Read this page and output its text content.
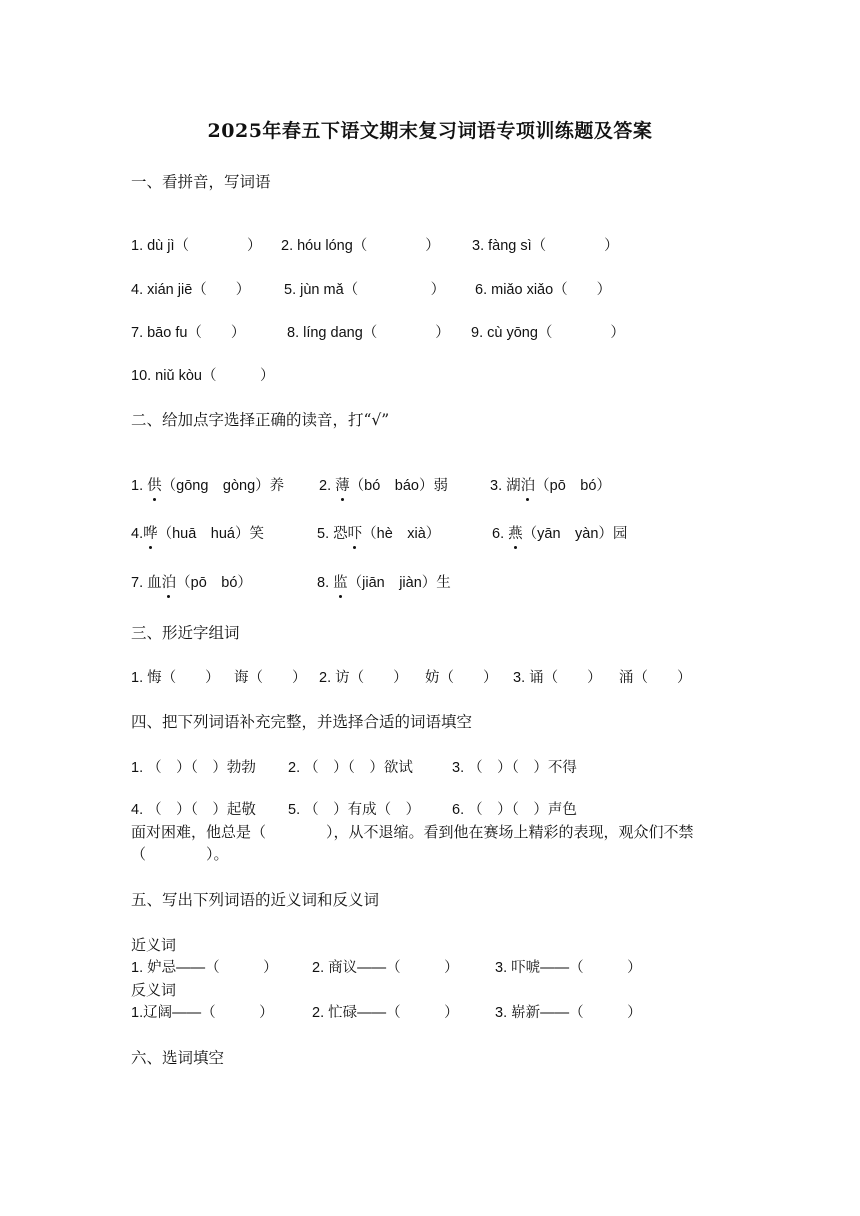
2025年春五下语文期末复习词语专项训练题及答案

一、看拼音，写词语

1. dù jì（　　　　） 2. hóu lóng（　　　　） 3. fàng sì（　　　　）

4. xián jiē（　　） 5. jùn mǎ（　　　　　） 6. miǎo xiǎo（　　）

7. bāo fu（　　）	8. líng dang（　　　　） 9. cù yōng（　　　　）

10. niǔ kòu（　　　）

二、给加点字选择正确的读音，打“√”

1. 供（gōng　gòng）养 2. 薄（bó　báo）弱	3. 湖泊（pō　bó）

4.哗（huā　huá）笑	5. 恐吓（hè　xià）	6. 燕（yān　yàn）园

7. 血泊（pō　bó）	8. 监（jiān　jiàn）生

三、形近字组词

1. 悔（　　） 诲（　　） 2. 访（　　） 妨（　　） 3. 诵（　　） 涌（　　）

四、把下列词语补充完整，并选择合适的词语填空

1. （　）（　）勃勃 2. （　）（　）欲试	3. （　）（　）不得

4. （　）（　）起敬 5. （　）有成（　） 6. （　）（　）声色

面对困难，他总是（　　　　），从不退缩。看到他在赛场上精彩的表现，观众们不禁（　　　　）。

五、写出下列词语的近义词和反义词

近义词

1. 妒忌——（　　　） 2. 商议——（　　　）	3. 吓唬——（　　　）

反义词

1.辽阔——（　　　）	2. 忙碌——（　　　）	3. 崭新——（　　　）

六、选词填空
